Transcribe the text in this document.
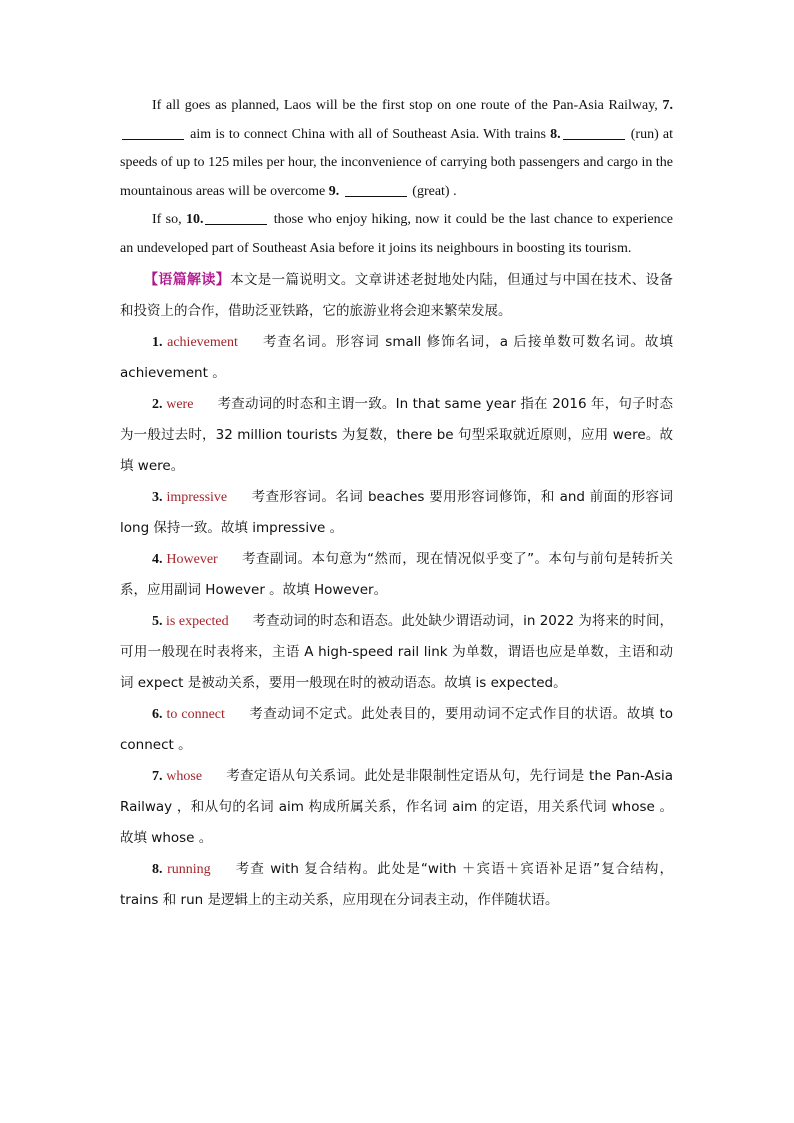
If all goes as planned, Laos will be the first stop on one route of the Pan‑Asia Railway, 7. aim is to connect China with all of Southeast Asia. With trains 8.	(run) at speeds of up to 125 miles per hour, the inconvenience of carrying both passengers and cargo in the mountainous areas will be overcome 9.	(great) .

If so, 10.	those who enjoy hiking, now it could be the last chance to experience an undeveloped part of Southeast Asia before it joins its neighbours in boosting its tourism.

【语篇解读】本文是一篇说明文。文章讲述老挝地处内陆，但通过与中国在技术、设备和投资上的合作，借助泛亚铁路，它的旅游业将会迎来繁荣发展。

1. achievement 考查名词。形容词 small 修饰名词，a 后接单数可数名词。故填 achievement 。

2. were 考查动词的时态和主谓一致。In that same year 指在 2016 年，句子时态为一般过去时，32 million tourists 为复数，there be 句型采取就近原则，应用 were。故填 were。

3. impressive 考查形容词。名词 beaches 要用形容词修饰，和 and 前面的形容词 long 保持一致。故填 impressive 。

4. However 考查副词。本句意为“然而，现在情况似乎变了”。本句与前句是转折关系，应用副词 However 。故填 However。

5. is expected 考查动词的时态和语态。此处缺少谓语动词，in 2022 为将来的时间，可用一般现在时表将来，主语 A high-speed rail link 为单数，谓语也应是单数，主语和动词 expect 是被动关系，要用一般现在时的被动语态。故填 is expected。

6. to connect 考查动词不定式。此处表目的，要用动词不定式作目的状语。故填 to connect 。

7. whose 考查定语从句关系词。此处是非限制性定语从句，先行词是 the Pan-Asia Railway ，和从句的名词 aim 构成所属关系，作名词 aim 的定语，用关系代词 whose 。故填 whose 。

8. running 考查 with 复合结构。此处是“with ＋宾语＋宾语补足语”复合结构，trains 和 run 是逻辑上的主动关系，应用现在分词表主动，作伴随状语。
